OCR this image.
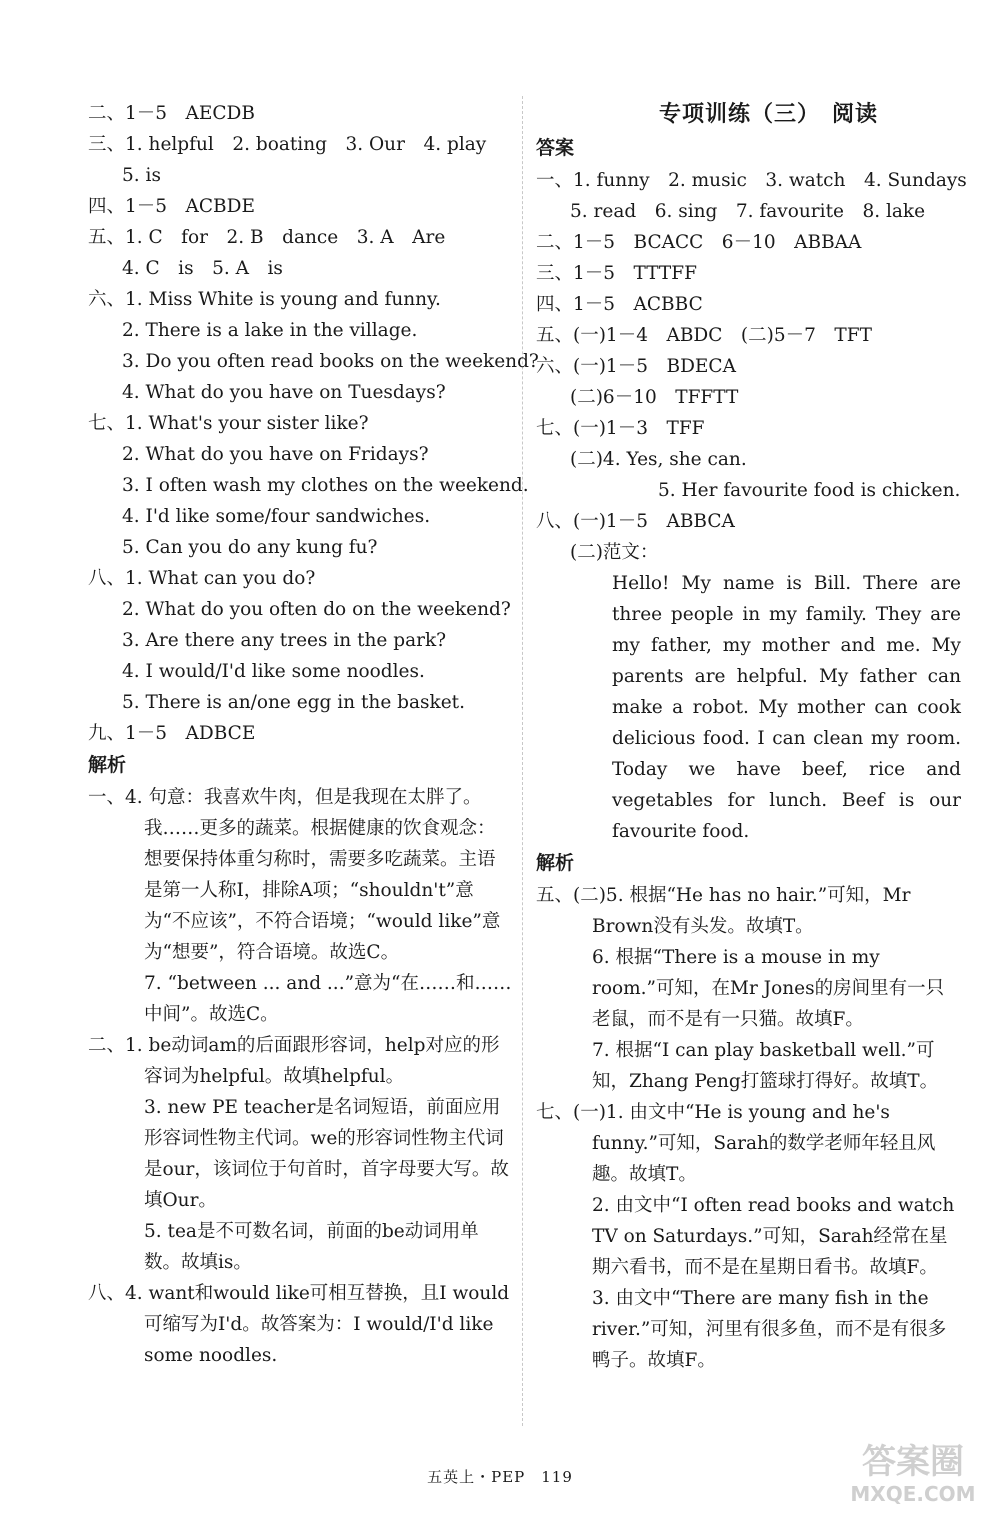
二、1－5　AECDB
三、1. helpful　2. boating　3. Our　4. play
5. is
四、1－5　ACBDE
五、1. C　for　2. B　dance　3. A　Are
4. C　is　5. A　is
六、1. Miss White is young and funny.
2. There is a lake in the village.
3. Do you often read books on the weekend?
4. What do you have on Tuesdays?
七、1. What's your sister like?
2. What do you have on Fridays?
3. I often wash my clothes on the weekend.
4. I'd like some/four sandwiches.
5. Can you do any kung fu?
八、1. What can you do?
2. What do you often do on the weekend?
3. Are there any trees in the park?
4. I would/I'd like some noodles.
5. There is an/one egg in the basket.
九、1－5　ADBCE
解析
一、4. 句意：我喜欢牛肉，但是我现在太胖了。我……更多的蔬菜。根据健康的饮食观念：想要保持体重匀称时，需要多吃蔬菜。主语是第一人称I，排除A项；“shouldn't”意为“不应该”，不符合语境；“would like”意为“想要”，符合语境。故选C。
7. “between ... and ...”意为“在……和……中间”。故选C。
二、1. be动词am的后面跟形容词，help对应的形容词为helpful。故填helpful。
3. new PE teacher是名词短语，前面应用形容词性物主代词。we的形容词性物主代词是our，该词位于句首时，首字母要大写。故填Our。
5. tea是不可数名词，前面的be动词用单数。故填is。
八、4. want和would like可相互替换，且I would可缩写为I'd。故答案为：I would/I'd like some noodles.
专项训练（三）　阅读
答案
一、1. funny　2. music　3. watch　4. Sundays
5. read　6. sing　7. favourite　8. lake
二、1－5　BCACC　6－10　ABBAA
三、1－5　TTTFF
四、1－5　ACBBC
五、(一)1－4　ABDC　(二)5－7　TFT
六、(一)1－5　BDECA
(二)6－10　TFFTT
七、(一)1－3　TFF
(二)4. Yes, she can.
5. Her favourite food is chicken.
八、(一)1－5　ABBCA
(二)范文：
Hello! My name is Bill. There are three people in my family. They are my father, my mother and me. My parents are helpful. My father can make a robot. My mother can cook delicious food. I can clean my room. Today we have beef, rice and vegetables for lunch. Beef is our favourite food.
解析
五、(二)5. 根据“He has no hair.”可知，Mr Brown没有头发。故填T。
6. 根据“There is a mouse in my room.”可知，在Mr Jones的房间里有一只老鼠，而不是有一只猫。故填F。
7. 根据“I can play basketball well.”可知，Zhang Peng打篮球打得好。故填T。
七、(一)1. 由文中“He is young and he's funny.”可知，Sarah的数学老师年轻且风趣。故填T。
2. 由文中“I often read books and watch TV on Saturdays.”可知，Sarah经常在星期六看书，而不是在星期日看书。故填F。
3. 由文中“There are many fish in the river.”可知，河里有很多鱼，而不是有很多鸭子。故填F。
五英上・PEP　119	答案圈
MXQE.COM
